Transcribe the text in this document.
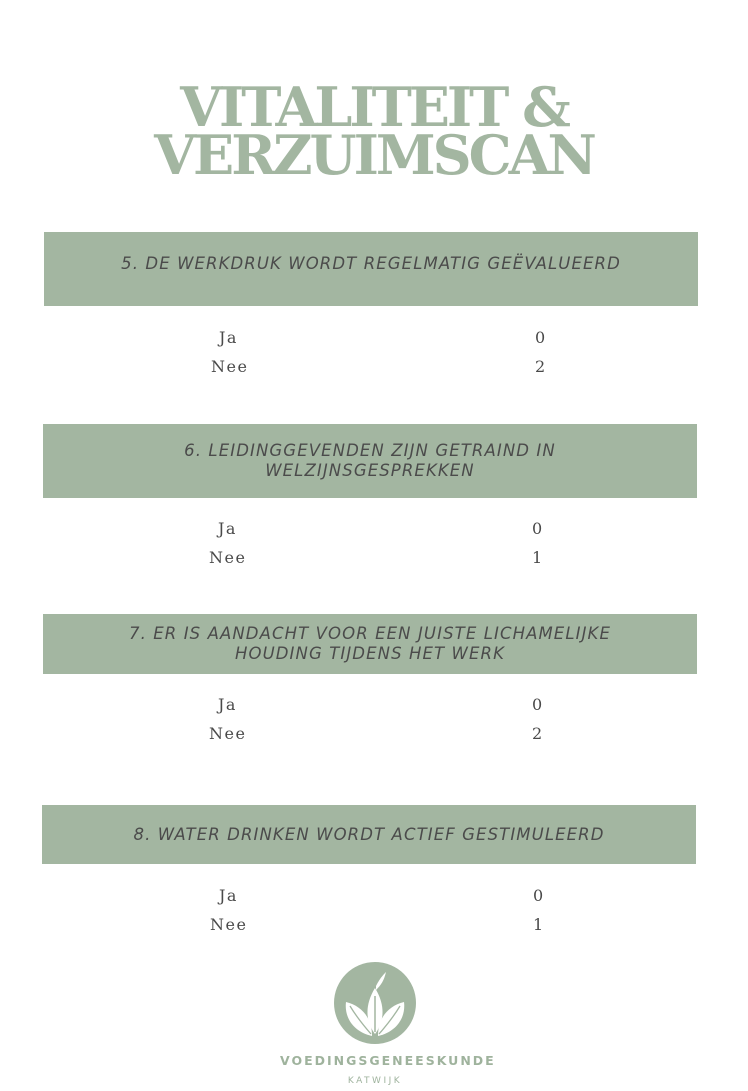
VITALITEIT &
VERZUIMSCAN
5. DE WERKDRUK WORDT REGELMATIG GEËVALUEERD
Ja	0
Nee	2
6. LEIDINGGEVENDEN ZIJN GETRAIND IN WELZIJNSGESPREKKEN
Ja	0
Nee	1
7. ER IS AANDACHT VOOR EEN JUISTE LICHAMELIJKE HOUDING TIJDENS HET WERK
Ja	0
Nee	2
8. WATER DRINKEN WORDT ACTIEF GESTIMULEERD
Ja	0
Nee	1
VOEDINGSGENEESKUNDE
KATWIJK
